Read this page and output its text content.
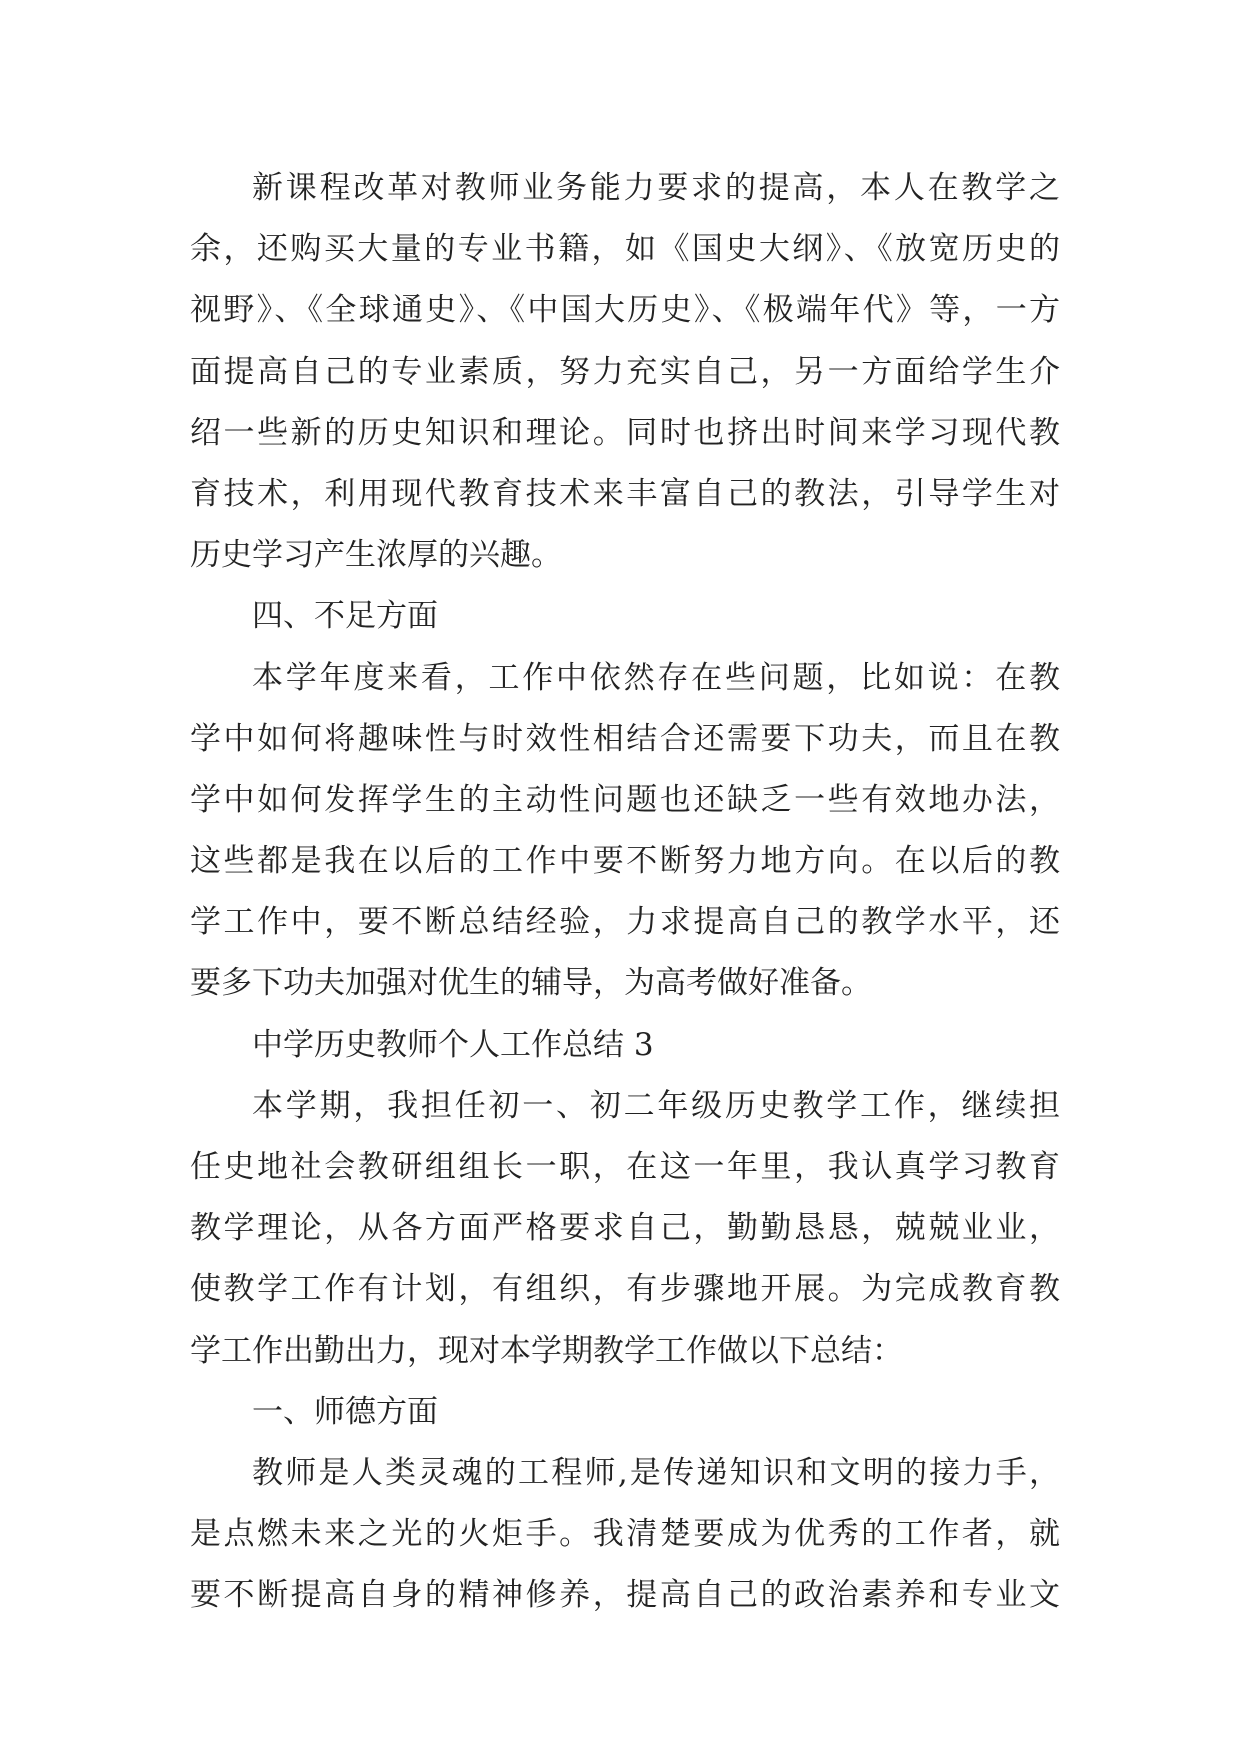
新课程改革对教师业务能力要求的提高，本人在教学之
余，还购买大量的专业书籍，如《国史大纲》、《放宽历史的
视野》、《全球通史》、《中国大历史》、《极端年代》等，一方
面提高自己的专业素质，努力充实自己，另一方面给学生介
绍一些新的历史知识和理论。同时也挤出时间来学习现代教
育技术，利用现代教育技术来丰富自己的教法，引导学生对
历史学习产生浓厚的兴趣。
四、不足方面
本学年度来看，工作中依然存在些问题，比如说：在教
学中如何将趣味性与时效性相结合还需要下功夫，而且在教
学中如何发挥学生的主动性问题也还缺乏一些有效地办法，
这些都是我在以后的工作中要不断努力地方向。在以后的教
学工作中，要不断总结经验，力求提高自己的教学水平，还
要多下功夫加强对优生的辅导，为高考做好准备。
中学历史教师个人工作总结 3
本学期，我担任初一、初二年级历史教学工作，继续担
任史地社会教研组组长一职，在这一年里，我认真学习教育
教学理论，从各方面严格要求自己，勤勤恳恳，兢兢业业，
使教学工作有计划，有组织，有步骤地开展。为完成教育教
学工作出勤出力，现对本学期教学工作做以下总结：
一、师德方面
教师是人类灵魂的工程师,是传递知识和文明的接力手，
是点燃未来之光的火炬手。我清楚要成为优秀的工作者，就
要不断提高自身的精神修养，提高自己的政治素养和专业文
